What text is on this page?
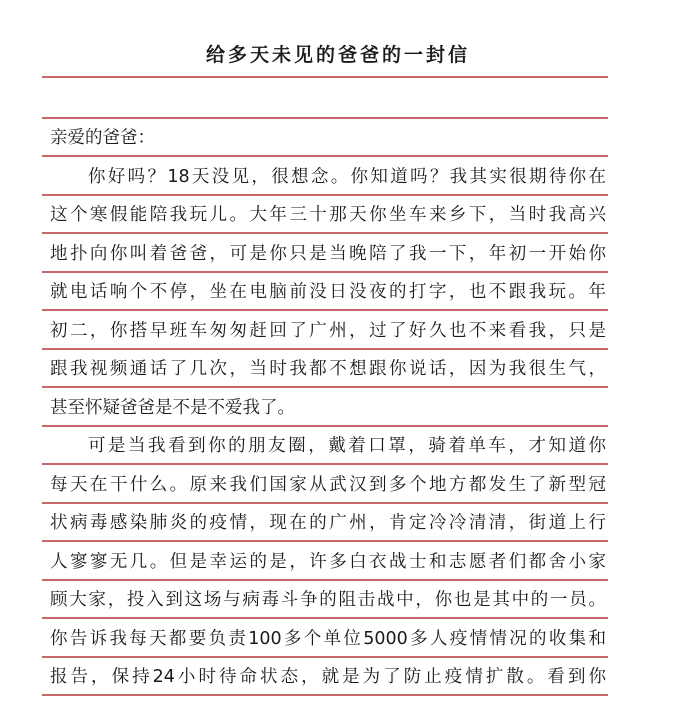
给多天未见的爸爸的一封信
亲爱的爸爸：
你好吗？18天没见，很想念。你知道吗？我其实很期待你在
这个寒假能陪我玩儿。大年三十那天你坐车来乡下，当时我高兴
地扑向你叫着爸爸，可是你只是当晚陪了我一下，年初一开始你
就电话响个不停，坐在电脑前没日没夜的打字，也不跟我玩。年
初二，你搭早班车匆匆赶回了广州，过了好久也不来看我，只是
跟我视频通话了几次，当时我都不想跟你说话，因为我很生气，
甚至怀疑爸爸是不是不爱我了。
可是当我看到你的朋友圈，戴着口罩，骑着单车，才知道你
每天在干什么。原来我们国家从武汉到多个地方都发生了新型冠
状病毒感染肺炎的疫情，现在的广州，肯定冷冷清清，街道上行
人寥寥无几。但是幸运的是，许多白衣战士和志愿者们都舍小家
顾大家，投入到这场与病毒斗争的阻击战中，你也是其中的一员。
你告诉我每天都要负责100多个单位5000多人疫情情况的收集和
报告，保持24小时待命状态，就是为了防止疫情扩散。看到你
